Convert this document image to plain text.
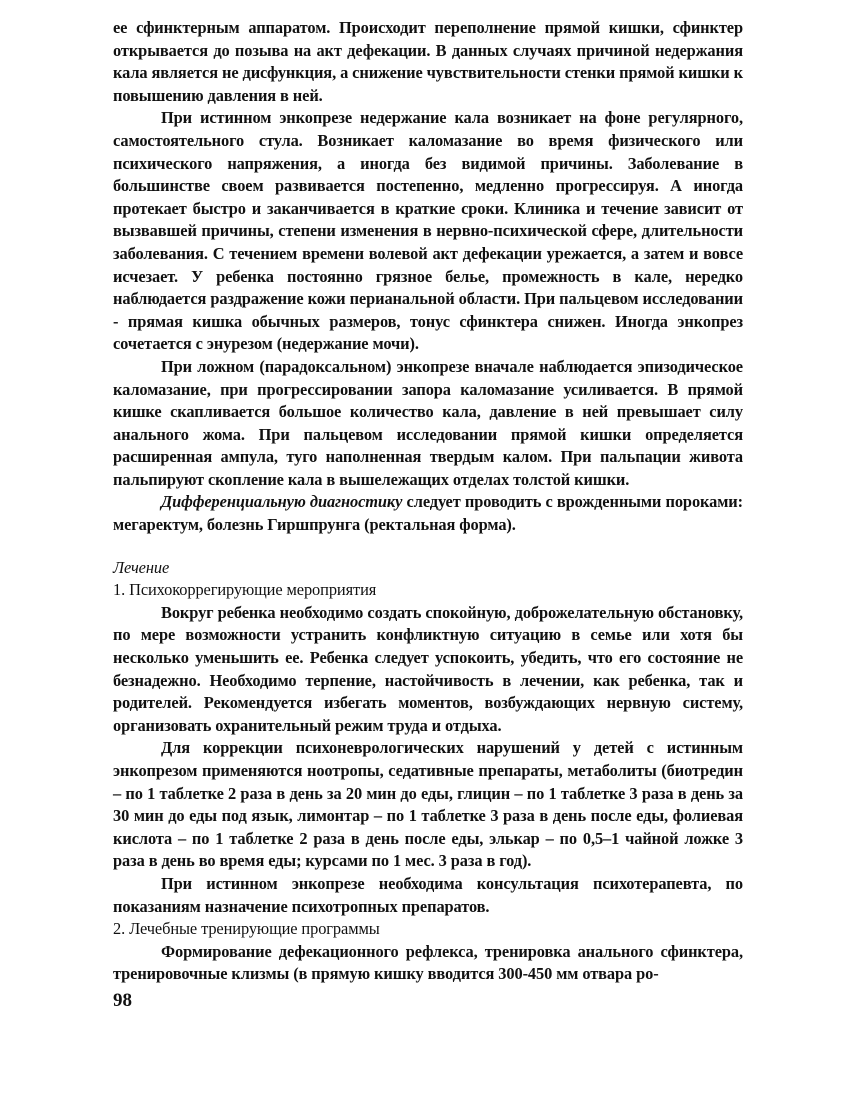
ее сфинктерным аппаратом. Происходит переполнение прямой кишки, сфинктер открывается до позыва на акт дефекации. В данных случаях причиной недержания кала является не дисфункция, а снижение чувствительности стенки прямой кишки к повышению давления в ней.

При истинном энкопрезе недержание кала возникает на фоне регулярного, самостоятельного стула. Возникает каломазание во время физического или психического напряжения, а иногда без видимой причины. Заболевание в большинстве своем развивается постепенно, медленно прогрессируя. А иногда протекает быстро и заканчивается в краткие сроки. Клиника и течение зависит от вызвавшей причины, степени изменения в нервно-психической сфере, длительности заболевания. С течением времени волевой акт дефекации урежается, а затем и вовсе исчезает. У ребенка постоянно грязное белье, промежность в кале, нередко наблюдается раздражение кожи перианальной области. При пальцевом исследовании - прямая кишка обычных размеров, тонус сфинктера снижен. Иногда энкопрез сочетается с энурезом (недержание мочи).

При ложном (парадоксальном) энкопрезе вначале наблюдается эпизодическое каломазание, при прогрессировании запора каломазание усиливается. В прямой кишке скапливается большое количество кала, давление в ней превышает силу анального жома. При пальцевом исследовании прямой кишки определяется расширенная ампула, туго наполненная твердым калом. При пальпации живота пальпируют скопление кала в вышележащих отделах толстой кишки.

Дифференциальную диагностику следует проводить с врожденными пороками: мегаректум, болезнь Гиршпрунга (ректальная форма).

Лечение

1. Психокоррегирующие мероприятия

Вокруг ребенка необходимо создать спокойную, доброжелательную обстановку, по мере возможности устранить конфликтную ситуацию в семье или хотя бы несколько уменьшить ее. Ребенка следует успокоить, убедить, что его состояние не безнадежно. Необходимо терпение, настойчивость в лечении, как ребенка, так и родителей. Рекомендуется избегать моментов, возбуждающих нервную систему, организовать охранительный режим труда и отдыха.

Для коррекции психоневрологических нарушений у детей с истинным энкопрезом применяются ноотропы, седативные препараты, метаболиты (биотредин – по 1 таблетке 2 раза в день за 20 мин до еды, глицин – по 1 таблетке 3 раза в день за 30 мин до еды под язык, лимонтар – по 1 таблетке 3 раза в день после еды, фолиевая кислота – по 1 таблетке 2 раза в день после еды, элькар – по 0,5–1 чайной ложке 3 раза в день во время еды; курсами по 1 мес. 3 раза в год).

При истинном энкопрезе необходима консультация психотерапевта, по показаниям назначение психотропных препаратов.

2. Лечебные тренирующие программы

Формирование дефекационного рефлекса, тренировка анального сфинктера, тренировочные клизмы (в прямую кишку вводится 300-450 мм отвара ро-

98
